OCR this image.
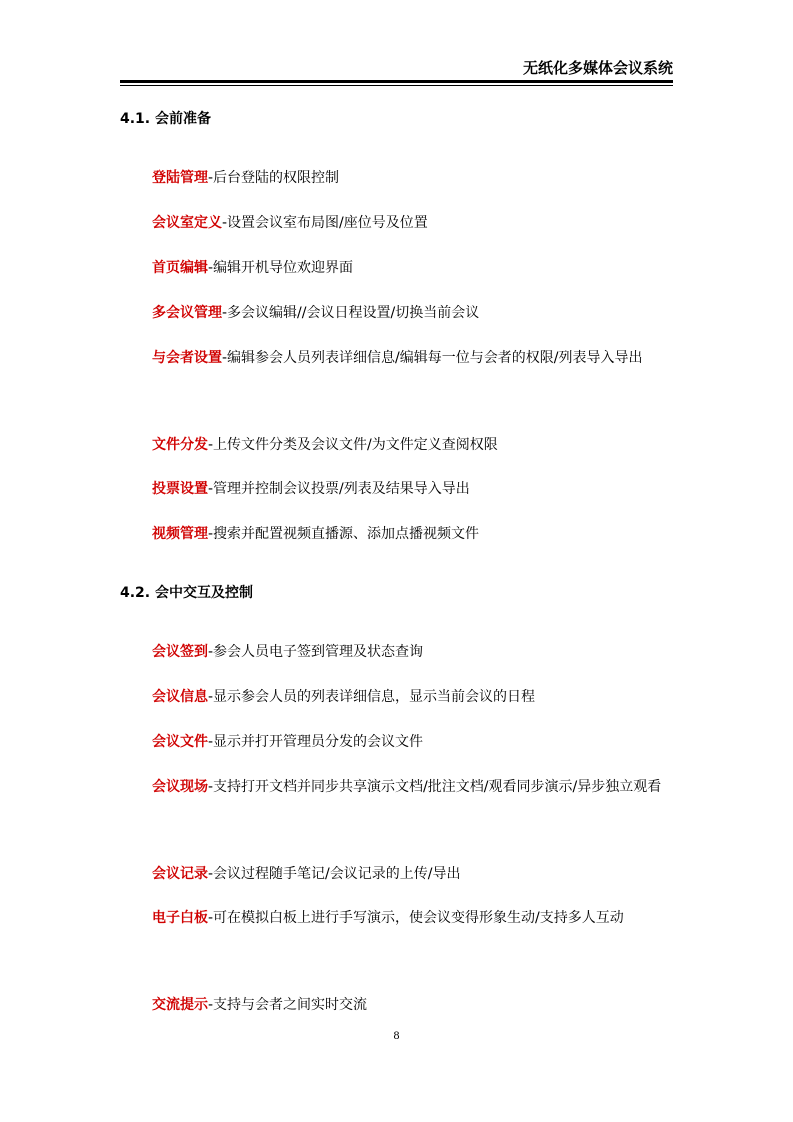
无纸化多媒体会议系统
4.1. 会前准备
登陆管理-后台登陆的权限控制
会议室定义-设置会议室布局图/座位号及位置
首页编辑-编辑开机导位欢迎界面
多会议管理-多会议编辑//会议日程设置/切换当前会议
与会者设置-编辑参会人员列表详细信息/编辑每一位与会者的权限/列表导入导出
文件分发-上传文件分类及会议文件/为文件定义查阅权限
投票设置-管理并控制会议投票/列表及结果导入导出
视频管理-搜索并配置视频直播源、添加点播视频文件
4.2. 会中交互及控制
会议签到-参会人员电子签到管理及状态查询
会议信息-显示参会人员的列表详细信息，显示当前会议的日程
会议文件-显示并打开管理员分发的会议文件
会议现场-支持打开文档并同步共享演示文档/批注文档/观看同步演示/异步独立观看
会议记录-会议过程随手笔记/会议记录的上传/导出
电子白板-可在模拟白板上进行手写演示，使会议变得形象生动/支持多人互动
交流提示-支持与会者之间实时交流
8
